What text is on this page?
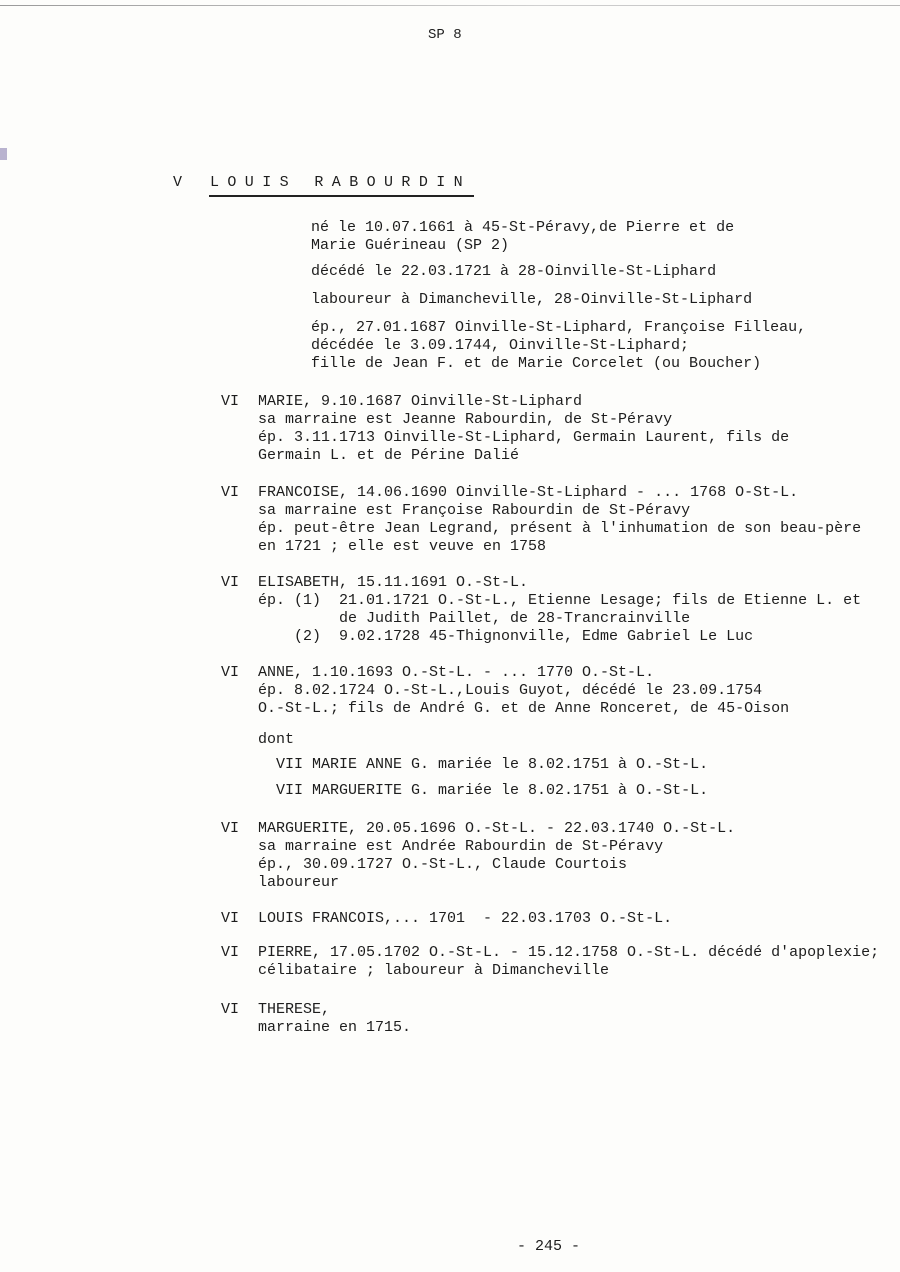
SP 8
V LOUIS RABOURDIN
né le 10.07.1661 à 45-St-Péravy,de Pierre et de
Marie Guérineau (SP 2)
décédé le 22.03.1721 à 28-Oinville-St-Liphard
laboureur à Dimancheville, 28-Oinville-St-Liphard
ép., 27.01.1687 Oinville-St-Liphard, Françoise Filleau,
décédée le 3.09.1744, Oinville-St-Liphard;
fille de Jean F. et de Marie Corcelet (ou Boucher)
VI MARIE, 9.10.1687 Oinville-St-Liphard
sa marraine est Jeanne Rabourdin, de St-Péravy
ép. 3.11.1713 Oinville-St-Liphard, Germain Laurent, fils de
Germain L. et de Périne Dalié
VI FRANCOISE, 14.06.1690 Oinville-St-Liphard - ... 1768 O-St-L.
sa marraine est Françoise Rabourdin de St-Péravy
ép. peut-être Jean Legrand, présent à l'inhumation de son beau-père
en 1721 ; elle est veuve en 1758
VI ELISABETH, 15.11.1691 O.-St-L.
ép. (1)  21.01.1721 O.-St-L., Etienne Lesage; fils de Etienne L. et
de Judith Paillet, de 28-Trancrainville
(2)  9.02.1728 45-Thignonville, Edme Gabriel Le Luc
VI ANNE, 1.10.1693 O.-St-L. - ... 1770 O.-St-L.
ép. 8.02.1724 O.-St-L.,Louis Guyot, décédé le 23.09.1754
O.-St-L.; fils de André G. et de Anne Ronceret, de 45-Oison
dont
VII MARIE ANNE G. mariée le 8.02.1751 à O.-St-L.
VII MARGUERITE G. mariée le 8.02.1751 à O.-St-L.
VI MARGUERITE, 20.05.1696 O.-St-L. - 22.03.1740 O.-St-L.
sa marraine est Andrée Rabourdin de St-Péravy
ép., 30.09.1727 O.-St-L., Claude Courtois
laboureur
VI LOUIS FRANCOIS,... 1701  - 22.03.1703 O.-St-L.
VI PIERRE, 17.05.1702 O.-St-L. - 15.12.1758 O.-St-L. décédé d'apoplexie;
célibataire ; laboureur à Dimancheville
VI THERESE,
marraine en 1715.
- 245 -
